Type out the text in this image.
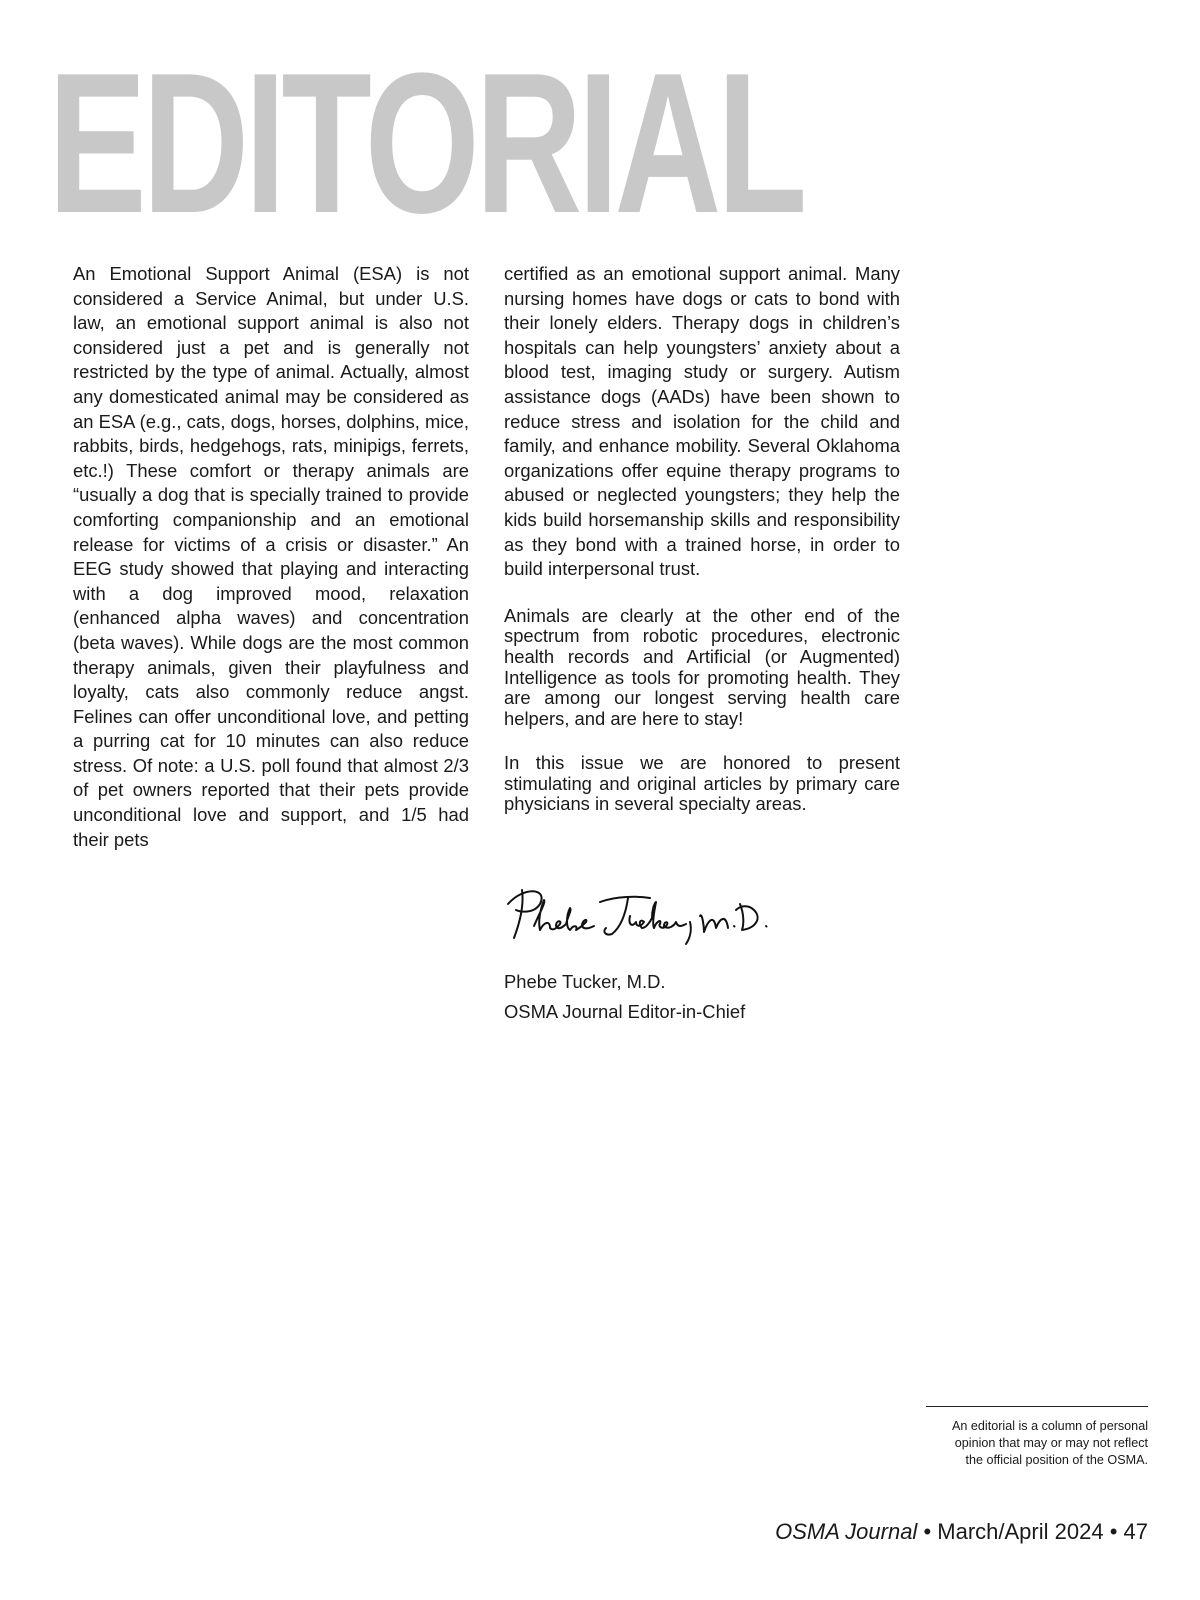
EDITORIAL

An Emotional Support Animal (ESA) is not considered a Service Animal, but under U.S. law, an emotional support animal is also not considered just a pet and is generally not restricted by the type of animal. Actually, almost any domesticated animal may be considered as an ESA (e.g., cats, dogs, horses, dolphins, mice, rabbits, birds, hedgehogs, rats, minipigs, ferrets, etc.!) These comfort or therapy animals are “usually a dog that is specially trained to provide comforting companionship and an emotional release for victims of a crisis or disaster.” An EEG study showed that playing and interacting with a dog improved mood, relaxation (enhanced alpha waves) and concentration (beta waves). While dogs are the most common therapy animals, given their playfulness and loyalty, cats also commonly reduce angst. Felines can offer unconditional love, and petting a purring cat for 10 minutes can also reduce stress. Of note: a U.S. poll found that almost 2/3 of pet owners reported that their pets provide unconditional love and support, and 1/5 had their pets

certified as an emotional support animal. Many nursing homes have dogs or cats to bond with their lonely elders. Therapy dogs in children’s hospitals can help youngsters’ anxiety about a blood test, imaging study or surgery. Autism assistance dogs (AADs) have been shown to reduce stress and isolation for the child and family, and enhance mobility. Several Oklahoma organizations offer equine therapy programs to abused or neglected youngsters; they help the kids build horsemanship skills and responsibility as they bond with a trained horse, in order to build interpersonal trust.

Animals are clearly at the other end of the spectrum from robotic procedures, electronic health records and Artificial (or Augmented) Intelligence as tools for promoting health. They are among our longest serving health care helpers, and are here to stay!

In this issue we are honored to present stimulating and original articles by primary care physicians in several specialty areas.

Phebe Tucker, M.D.
OSMA Journal Editor-in-Chief
An editorial is a column of personal
opinion that may or may not reflect
the official position of the OSMA.
OSMA Journal • March/April 2024 • 47
